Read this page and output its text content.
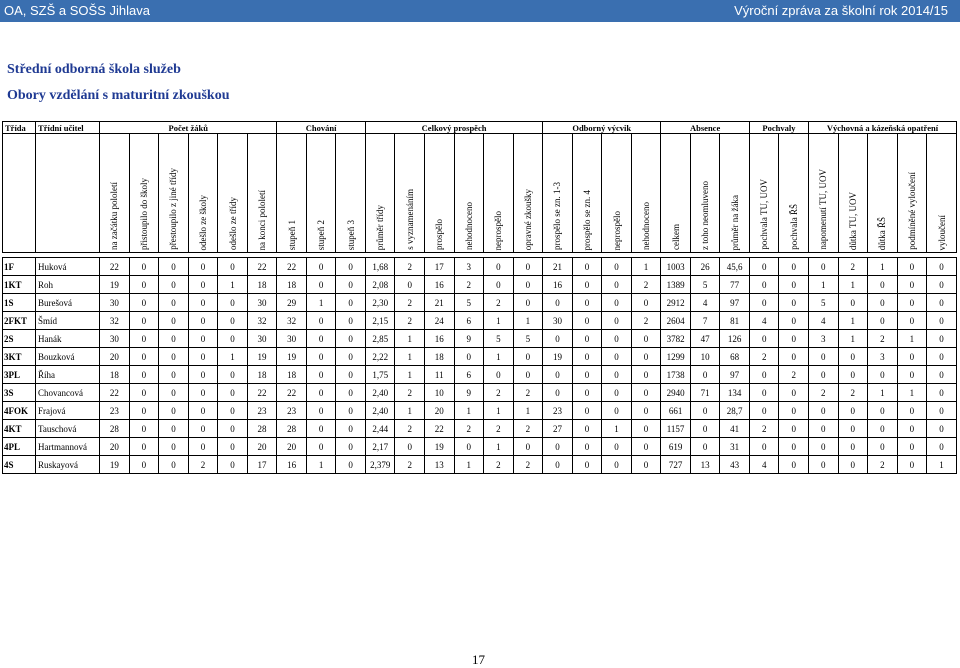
OA, SZŠ a SOŠS Jihlava	Výroční zpráva za školní rok 2014/15
Střední odborná škola služeb
Obory vzdělání s maturitní zkouškou
Třída	Třídní učitel	Počet žáků						Chování			Celkový prospěch						Odborný výcvik				Absence			Pochvaly		Výchovná a kázeňská opatření				
		na začátku pololetí	přistoupilo do školy	přestoupilo z jiné třídy	odešlo ze školy	odešlo ze třídy	na konci pololetí	stupeň 1	stupeň 2	stupeň 3	průměr třídy	s vyznamenáním	prospělo	nehodnoceno	neprospělo	opravné zkoušky	prospělo se zn. 1-3	prospělo se zn. 4	neprospělo	nehodnoceno	celkem	z toho neomluveno	průměr na žáka	pochvala TU, UOV	pochvala ŘŠ	napomenutí TU, UOV	důtka TU, UOV	důtka ŘŠ	podmíněné vyloučení	vyloučení

1F	Huková	22	0	0	0	0	22	22	0	0	1,68	2	17	3	0	0	21	0	0	1	1003	26	45,6	0	0	0	2	1	0	0
1KT	Roh	19	0	0	0	1	18	18	0	0	2,08	0	16	2	0	0	16	0	0	2	1389	5	77	0	0	1	1	0	0	0
1S	Burešová	30	0	0	0	0	30	29	1	0	2,30	2	21	5	2	0	0	0	0	0	2912	4	97	0	0	5	0	0	0	0
2FKT	Šmíd	32	0	0	0	0	32	32	0	0	2,15	2	24	6	1	1	30	0	0	2	2604	7	81	4	0	4	1	0	0	0
2S	Hanák	30	0	0	0	0	30	30	0	0	2,85	1	16	9	5	5	0	0	0	0	3782	47	126	0	0	3	1	2	1	0
3KT	Bouzková	20	0	0	0	1	19	19	0	0	2,22	1	18	0	1	0	19	0	0	0	1299	10	68	2	0	0	0	3	0	0
3PL	Říha	18	0	0	0	0	18	18	0	0	1,75	1	11	6	0	0	0	0	0	0	1738	0	97	0	2	0	0	0	0	0
3S	Chovancová	22	0	0	0	0	22	22	0	0	2,40	2	10	9	2	2	0	0	0	0	2940	71	134	0	0	2	2	1	1	0
4FOK	Frajová	23	0	0	0	0	23	23	0	0	2,40	1	20	1	1	1	23	0	0	0	661	0	28,7	0	0	0	0	0	0	0
4KT	Tauschová	28	0	0	0	0	28	28	0	0	2,44	2	22	2	2	2	27	0	1	0	1157	0	41	2	0	0	0	0	0	0
4PL	Hartmannová	20	0	0	0	0	20	20	0	0	2,17	0	19	0	1	0	0	0	0	0	619	0	31	0	0	0	0	0	0	0
4S	Ruskayová	19	0	0	2	0	17	16	1	0	2,379	2	13	1	2	2	0	0	0	0	727	13	43	4	0	0	0	2	0	1
17
